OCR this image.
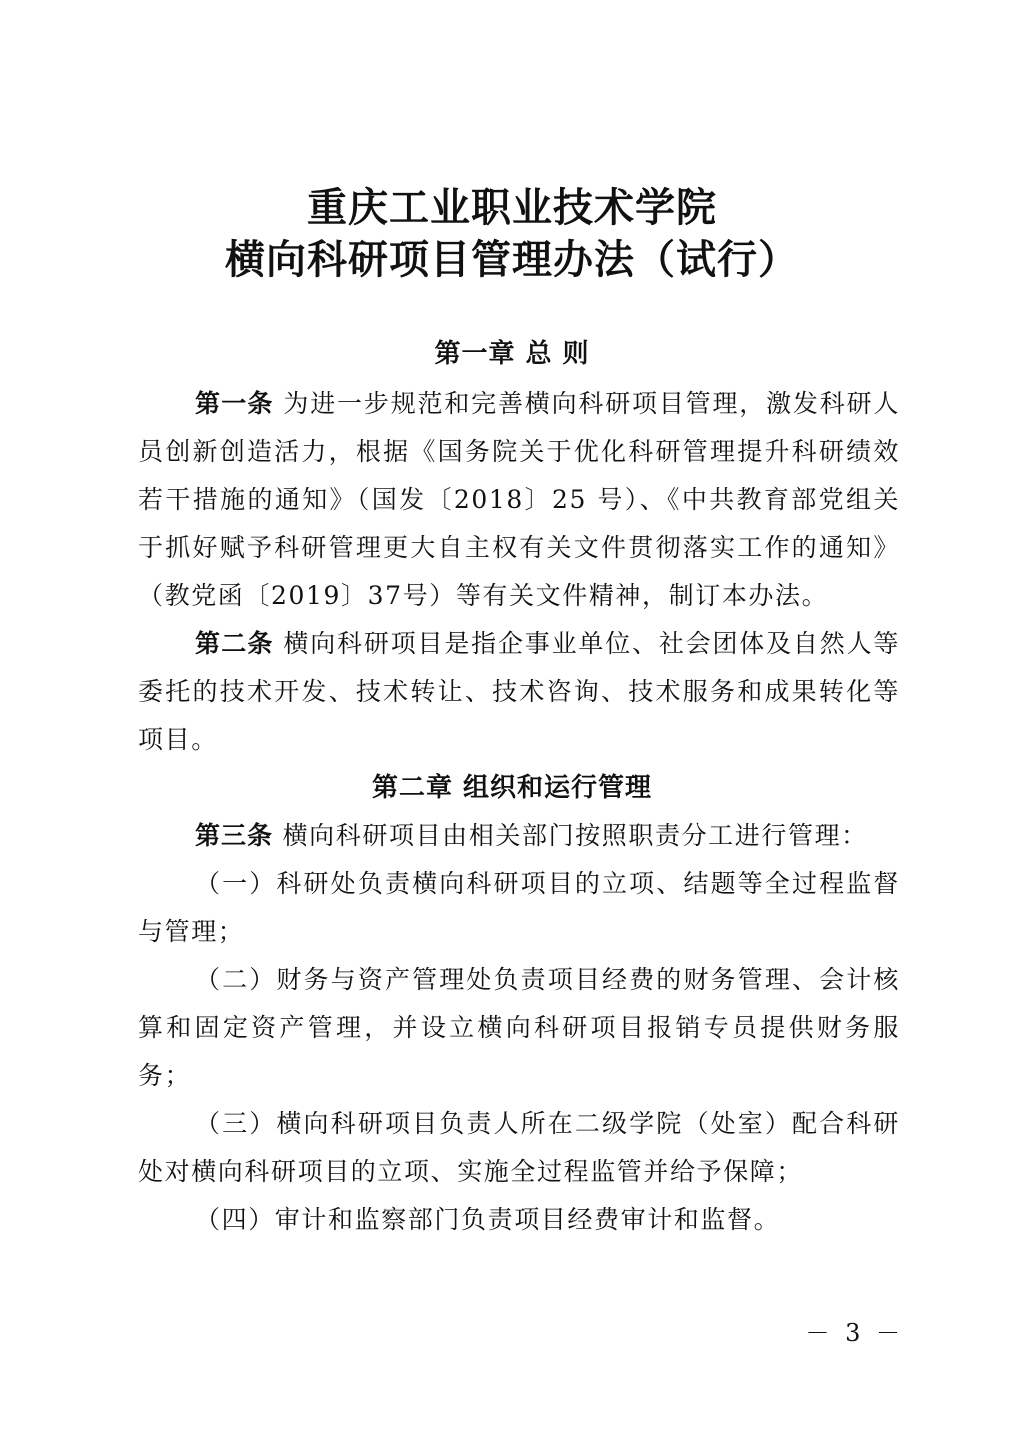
重庆工业职业技术学院
横向科研项目管理办法（试行）
第一章 总 则
第一条 为进一步规范和完善横向科研项目管理，激发科研人员创新创造活力，根据《国务院关于优化科研管理提升科研绩效若干措施的通知》（国发〔2018〕25 号）、《中共教育部党组关于抓好赋予科研管理更大自主权有关文件贯彻落实工作的通知》（教党函〔2019〕37号）等有关文件精神，制订本办法。
第二条 横向科研项目是指企事业单位、社会团体及自然人等委托的技术开发、技术转让、技术咨询、技术服务和成果转化等项目。
第二章 组织和运行管理
第三条 横向科研项目由相关部门按照职责分工进行管理：
（一）科研处负责横向科研项目的立项、结题等全过程监督与管理；
（二）财务与资产管理处负责项目经费的财务管理、会计核算和固定资产管理，并设立横向科研项目报销专员提供财务服务；
（三）横向科研项目负责人所在二级学院（处室）配合科研处对横向科研项目的立项、实施全过程监管并给予保障；
（四）审计和监察部门负责项目经费审计和监督。
－ 3 －
